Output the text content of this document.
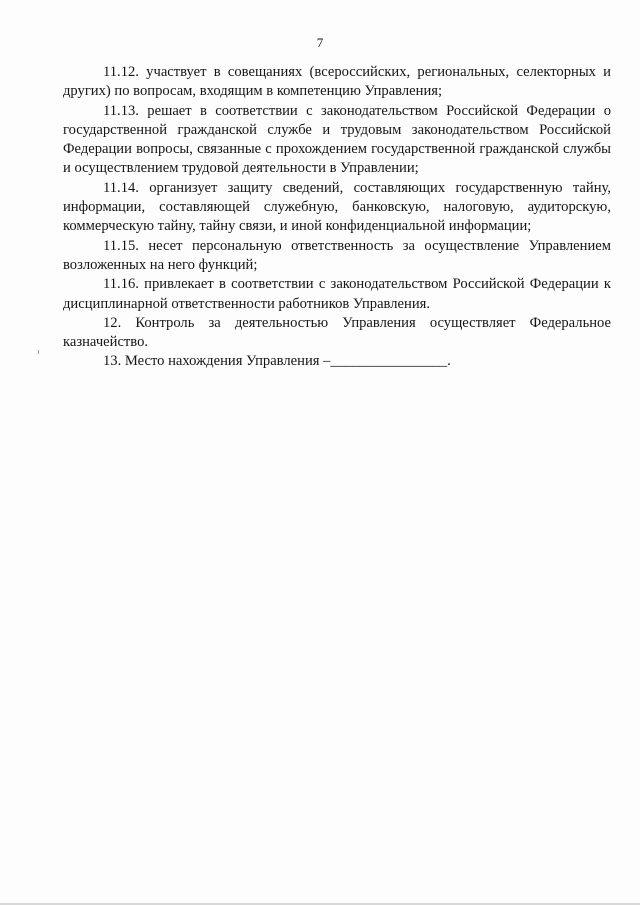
7

11.12. участвует в совещаниях (всероссийских, региональных, селекторных и других) по вопросам, входящим в компетенцию Управления;

11.13. решает в соответствии с законодательством Российской Федерации о государственной гражданской службе и трудовым законодательством Российской Федерации вопросы, связанные с прохождением государственной гражданской службы и осуществлением трудовой деятельности в Управлении;

11.14. организует защиту сведений, составляющих государственную тайну, информации, составляющей служебную, банковскую, налоговую, аудиторскую, коммерческую тайну, тайну связи, и иной конфиденциальной информации;

11.15. несет персональную ответственность за осуществление Управлением возложенных на него функций;

11.16. привлекает в соответствии с законодательством Российской Федерации к дисциплинарной ответственности работников Управления.

12. Контроль за деятельностью Управления осуществляет Федеральное казначейство.

13. Место нахождения Управления –________________.
